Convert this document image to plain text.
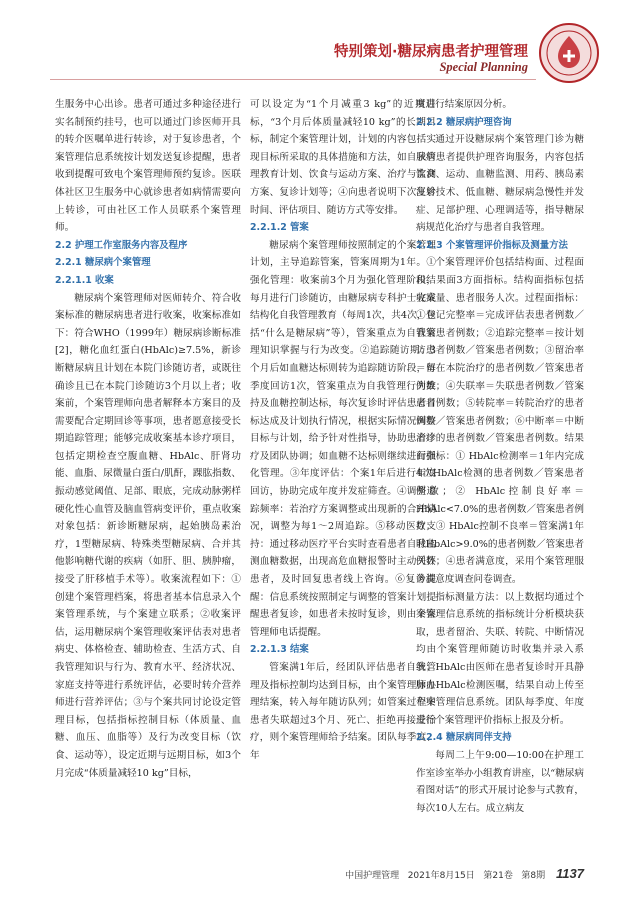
特别策划·糖尿病患者护理管理
Special Planning

生服务中心出诊。患者可通过多种途径进行实名制预约挂号，也可以通过门诊医师开具的转介医嘱单进行转诊，对于复诊患者，个案管理信息系统按计划发送复诊提醒，患者收到提醒可致电个案管理师预约复诊。医联体社区卫生服务中心就诊患者如病情需要向上转诊，可由社区工作人员联系个案管理师。

2.2 护理工作室服务内容及程序
2.2.1 糖尿病个案管理
2.2.1.1 收案

糖尿病个案管理师对医师转介、符合收案标准的糖尿病患者进行收案，收案标准如下：符合WHO（1999年）糖尿病诊断标准[2]，糖化血红蛋白(HbAlc)≥7.5%，新诊断糖尿病且计划在本院门诊随访者，或既往确诊且已在本院门诊随访3个月以上者；收案前，个案管理师向患者解释本方案目的及需要配合定期回诊等事项，患者愿意接受长期追踪管理；能够完成收案基本诊疗项目，包括定期检查空腹血糖、HbAlc、肝肾功能、血脂、尿微量白蛋白/肌酐，踝肱指数、振动感觉阈值、足部、眼底，完成动脉粥样硬化性心血管及脑血管病变评价，重点收案对象包括：新诊断糖尿病，起始胰岛素治疗，1型糖尿病、特殊类型糖尿病、合并其他影响糖代谢的疾病（如肝、胆、胰肿瘤，接受了肝移植手术等）。收案流程如下：①创建个案管理档案，将患者基本信息录入个案管理系统，与个案建立联系；②收案评估，运用糖尿病个案管理收案评估表对患者病史、体格检查、辅助检查、生活方式、自我管理知识与行为、教育水平、经济状况、家庭支持等进行系统评估，必要时转介营养师进行营养评估；③与个案共同讨论设定管理目标，包括指标控制目标（体质量、血糖、血压、血脂等）及行为改变目标（饮食、运动等），设定近期与远期目标，如3个月完成“体质量减轻10 kg”目标，

可以设定为“1个月减重3 kg”的近期目标，“3个月后体质量减轻10 kg”的长期目标，制定个案管理计划，计划的内容包括实现目标所采取的具体措施和方法，如自我管理教育计划、饮食与运动方案、治疗与监测方案、复诊计划等；④向患者说明下次复诊时间、评估项目、随访方式等安排。

2.2.1.2 管案

糖尿病个案管理师按照制定的个案管理计划，主导追踪管案，管案周期为1年。①强化管理：收案前3个月为强化管理阶段，每月进行门诊随访，由糖尿病专科护士完成结构化自我管理教育（每周1次，共4次，包括“什么是糖尿病”等），管案重点为自我管理知识掌握与行为改变。②追踪随访期：3个月后如血糖达标则转为追踪随访阶段，每季度回访1次，管案重点为自我管理行为维持及血糖控制达标，每次复诊时评估患者目标达成及计划执行情况，根据实际情况调整目标与计划，给予针对性指导，协助患者诊疗及团队协调；如血糖不达标则继续进行强化管理。③年度评估：个案1年后进行年度回访，协助完成年度并发症筛查。④调整追踪频率：若治疗方案调整或出现新的合并情况，调整为每1～2周追踪。⑤移动医疗支持：通过移动医疗平台实时查看患者自我监测血糖数据，出现高危血糖报警时主动关怀患者，及时回复患者线上咨询。⑥复诊提醒：信息系统按照制定与调整的管案计划提醒患者复诊，如患者未按时复诊，则由个案管理师电话提醒。

2.2.1.3 结案

管案满1年后，经团队评估患者自我管理及指标控制均达到目标，由个案管理师办理结案，转入每年随访队列；如管案过程中患者失联超过3个月、死亡、拒绝再接受治疗，则个案管理师给予结案。团队每季度、年

度进行结案原因分析。

2.2.2 糖尿病护理咨询

通过开设糖尿病个案管理门诊为糖尿病患者提供护理咨询服务，内容包括饮食、运动、血糖监测、用药、胰岛素注射技术、低血糖、糖尿病急慢性并发症、足部护理、心理调适等，指导糖尿病规范化治疗与患者自我管理。

2.2.3 个案管理评价指标及测量方法

个案管理评价包括结构面、过程面和结果面3方面指标。结构面指标包括收案量、患者服务人次。过程面指标：①登记完整率＝完成评估表患者例数／管案患者例数；②追踪完整率＝按计划访患者例数／管案患者例数；③留治率＝留在本院治疗的患者例数／管案患者例数；④失联率＝失联患者例数／管案患者例数；⑤转院率＝转院治疗的患者例数／管案患者例数；⑥中断率＝中断治疗的患者例数／管案患者例数。结果面指标：① HbAlc检测率＝1年内完成4次HbAlc检测的患者例数／管案患者例数；② HbAlc控制良好率＝HbAlc<7.0%的患者例数／管案患者例数；③ HbAlc控制不良率＝管案满1年时HbAlc>9.0%的患者例数／管案患者例数；④患者满意度，采用个案管理服务满意度调查问卷调查。

指标测量方法：以上数据均通过个案管理信息系统的指标统计分析模块获取，患者留治、失联、转院、中断情况均由个案管理师随访时收集并录入系统；HbAlc由医师在患者复诊时开具静脉血HbAlc检测医嘱，结果自动上传至个案管理信息系统。团队每季度、年度进行个案管理评价指标上报及分析。

2.2.4 糖尿病同伴支持

每周二上午9:00—10:00在护理工作室诊室举办小组教育讲座，以“糖尿病看图对话”的形式开展讨论参与式教育，每次10人左右。成立病友

中国护理管理 2021年8月15日 第21卷 第8期 1137
